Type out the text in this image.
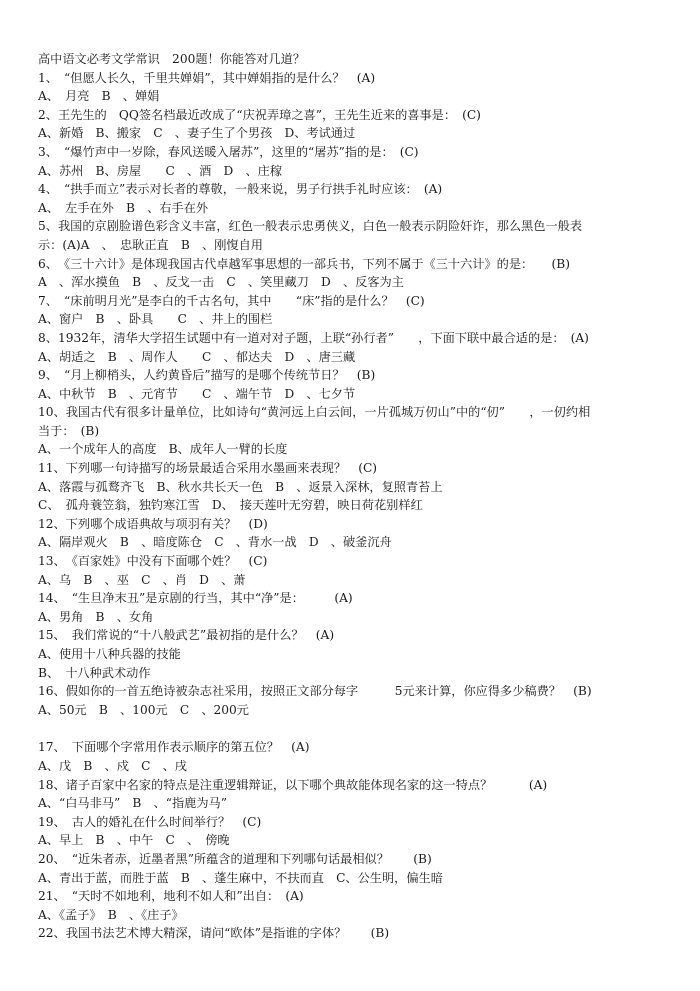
高中语文必考文学常识　200题！你能答对几道？
1、　“但愿人长久，千里共婵娟”，其中婵娟指的是什么？　(A)
A、　月亮　B　、婵娟
2、王先生的　QQ签名档最近改成了“庆祝弄璋之喜”，王先生近来的喜事是：　(C)
A、新婚　B、搬家　C　、妻子生了个男孩　D、考试通过
3、　“爆竹声中一岁除，春风送暖入屠苏”，这里的“屠苏”指的是：　(C)
A、苏州　B、房屋　　C　、酒　D　、庄稼
4、　“拱手而立”表示对长者的尊敬，一般来说，男子行拱手礼时应该：　(A)
A、　左手在外　B　、右手在外
5、我国的京剧脸谱色彩含义丰富，红色一般表示忠勇侠义，白色一般表示阴险奸诈，那么黑色一般表
示：(A)A　、　忠耿正直　B　、刚愎自用
6、　《三十六计》是体现我国古代卓越军事思想的一部兵书，下列不属于《三十六计》的是：　　(B)
A　、浑水摸鱼　B　、反戈一击　C　、笑里藏刀　D　、反客为主
7、　“床前明月光”是李白的千古名句，其中　　“床”指的是什么？　(C)
A、窗户　B　、卧具　　C　、井上的围栏
8、1932年，清华大学招生试题中有一道对对子题，上联“孙行者”　　，下面下联中最合适的是：　(A)
A、胡适之　B　、周作人　　C　、郁达夫　D　、唐三藏
9、　“月上柳梢头，人约黄昏后”描写的是哪个传统节日？　(B)
A、中秋节　B　、元宵节　　C　、端午节　D　、七夕节
10、我国古代有很多计量单位，比如诗句“黄河远上白云间，一片孤城万仞山”中的“仞”　　，一仞约相
当于：　(B)
A、一个成年人的高度　B、成年人一臂的长度
11、下列哪一句诗描写的场景最适合采用水墨画来表现？　(C)
A、落霞与孤鹜齐飞　B、秋水共长天一色　B　、返景入深林，复照青苔上
C、　孤舟蓑笠翁，独钓寒江雪　D、　接天莲叶无穷碧，映日荷花别样红
12、下列哪个成语典故与项羽有关？　(D)
A、隔岸观火　B　、暗度陈仓　C　、背水一战　D　、破釜沉舟
13、　《百家姓》中没有下面哪个姓？　(C)
A、乌　B　、巫　C　、肖　D　、萧
14、　“生旦净末丑”是京剧的行当，其中“净”是：　　　(A)
A、男角　B　、女角
15、　我们常说的“十八般武艺”最初指的是什么？　(A)
A、使用十八种兵器的技能
B、　十八种武术动作
16、假如你的一首五绝诗被杂志社采用，按照正文部分每字　　　5元来计算，你应得多少稿费？　(B)
A、50元　B　、100元　C　、200元
17、　下面哪个字常用作表示顺序的第五位？　(A)
A、戊　B　、戍　C　、戌
18、诸子百家中名家的特点是注重逻辑辩证，以下哪个典故能体现名家的这一特点？　　　(A)
A、“白马非马”　B　、“指鹿为马”
19、　古人的婚礼在什么时间举行？　(C)
A、早上　B　、中午　C　、　傍晚
20、　“近朱者赤，近墨者黑”所蕴含的道理和下列哪句话最相似？　　(B)
A、青出于蓝，而胜于蓝　B　、蓬生麻中，不扶而直　C、公生明，偏生暗
21、　“天时不如地利，地利不如人和”出自：　(A)
A、《孟子》　B　、《庄子》
22、我国书法艺术博大精深，请问“欧体”是指谁的字体？　　(B)
